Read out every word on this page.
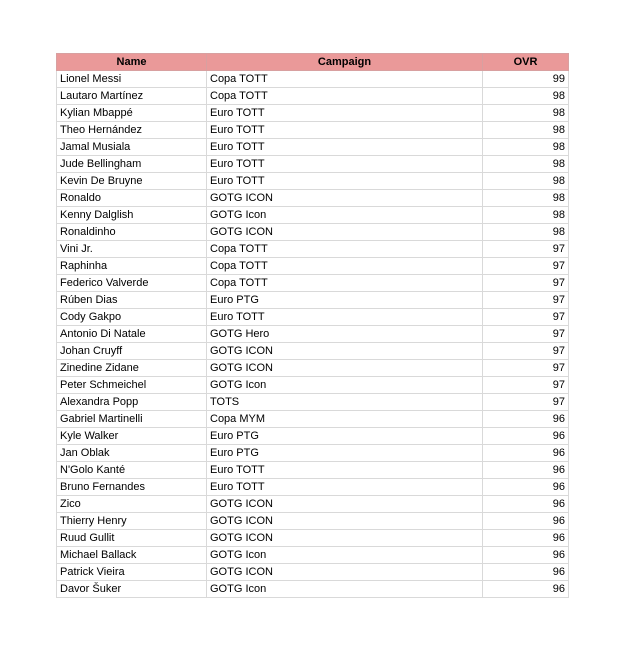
Name	Campaign	OVR
Lionel Messi	Copa TOTT	99
Lautaro Martínez	Copa TOTT	98
Kylian Mbappé	Euro TOTT	98
Theo Hernández	Euro TOTT	98
Jamal Musiala	Euro TOTT	98
Jude Bellingham	Euro TOTT	98
Kevin De Bruyne	Euro TOTT	98
Ronaldo	GOTG ICON	98
Kenny Dalglish	GOTG Icon	98
Ronaldinho	GOTG ICON	98
Vini Jr.	Copa TOTT	97
Raphinha	Copa TOTT	97
Federico Valverde	Copa TOTT	97
Rúben Dias	Euro PTG	97
Cody Gakpo	Euro TOTT	97
Antonio Di Natale	GOTG Hero	97
Johan Cruyff	GOTG ICON	97
Zinedine Zidane	GOTG ICON	97
Peter Schmeichel	GOTG Icon	97
Alexandra Popp	TOTS	97
Gabriel Martinelli	Copa MYM	96
Kyle Walker	Euro PTG	96
Jan Oblak	Euro PTG	96
N'Golo Kanté	Euro TOTT	96
Bruno Fernandes	Euro TOTT	96
Zico	GOTG ICON	96
Thierry Henry	GOTG ICON	96
Ruud Gullit	GOTG ICON	96
Michael Ballack	GOTG Icon	96
Patrick Vieira	GOTG ICON	96
Davor Šuker	GOTG Icon	96
